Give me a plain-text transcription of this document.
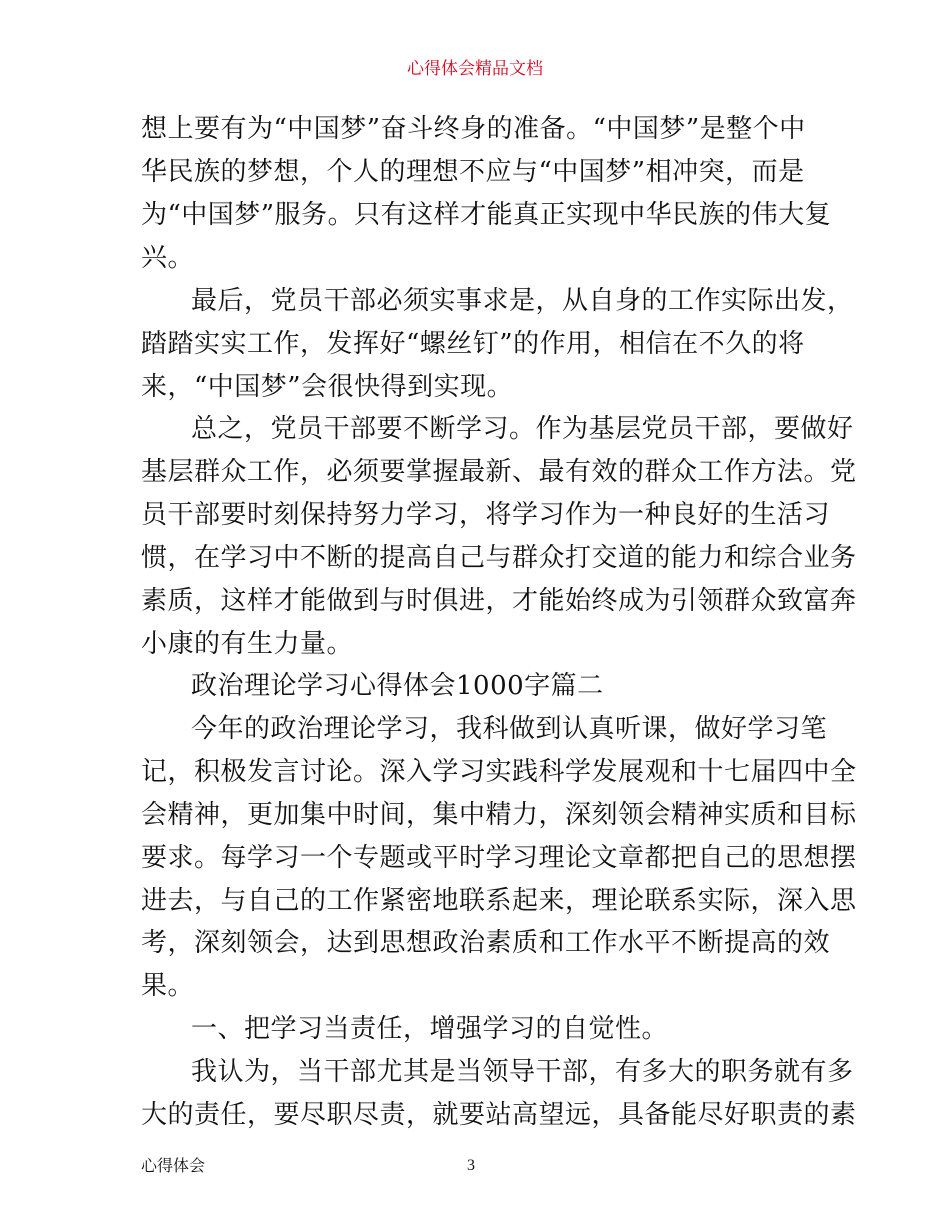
心得体会精品文档
想上要有为“中国梦”奋斗终身的准备。“中国梦”是整个中
华民族的梦想，个人的理想不应与“中国梦”相冲突，而是
为“中国梦”服务。只有这样才能真正实现中华民族的伟大复
兴。
最后，党员干部必须实事求是，从自身的工作实际出发，
踏踏实实工作，发挥好“螺丝钉”的作用，相信在不久的将
来，“中国梦”会很快得到实现。
总之，党员干部要不断学习。作为基层党员干部，要做好
基层群众工作，必须要掌握最新、最有效的群众工作方法。党
员干部要时刻保持努力学习，将学习作为一种良好的生活习
惯，在学习中不断的提高自己与群众打交道的能力和综合业务
素质，这样才能做到与时俱进，才能始终成为引领群众致富奔
小康的有生力量。
政治理论学习心得体会1000字篇二
今年的政治理论学习，我科做到认真听课，做好学习笔
记，积极发言讨论。深入学习实践科学发展观和十七届四中全
会精神，更加集中时间，集中精力，深刻领会精神实质和目标
要求。每学习一个专题或平时学习理论文章都把自己的思想摆
进去，与自己的工作紧密地联系起来，理论联系实际，深入思
考，深刻领会，达到思想政治素质和工作水平不断提高的效
果。
一、把学习当责任，增强学习的自觉性。
我认为，当干部尤其是当领导干部，有多大的职务就有多
大的责任，要尽职尽责，就要站高望远，具备能尽好职责的素
心得体会	3
